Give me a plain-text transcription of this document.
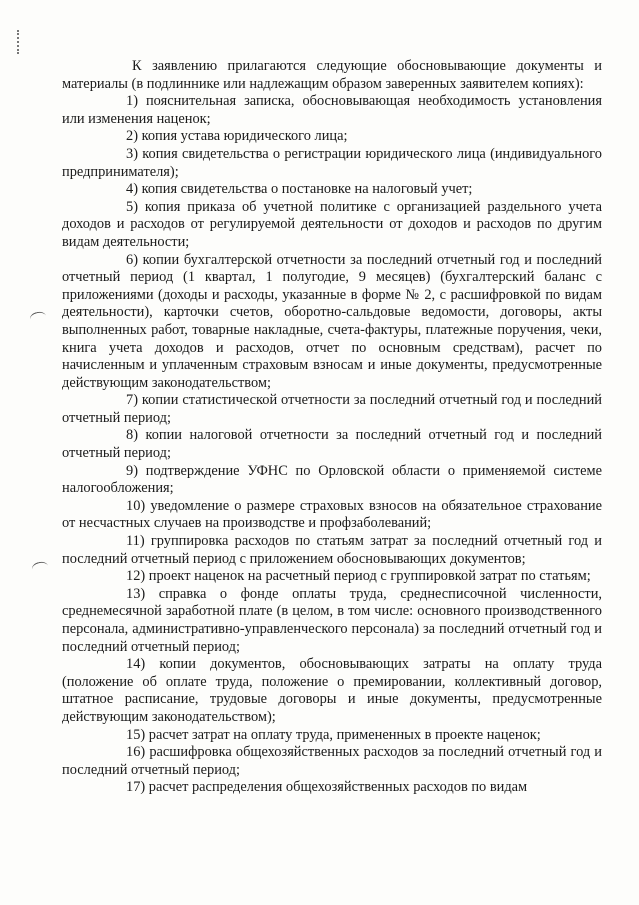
К заявлению прилагаются следующие обосновывающие документы и материалы (в подлиннике или надлежащим образом заверенных заявителем копиях):

1) пояснительная записка, обосновывающая необходимость установления или изменения наценок;

2) копия устава юридического лица;

3) копия свидетельства о регистрации юридического лица (индивидуального предпринимателя);

4) копия свидетельства о постановке на налоговый учет;

5) копия приказа об учетной политике с организацией раздельного учета доходов и расходов от регулируемой деятельности от доходов и расходов по другим видам деятельности;

6) копии бухгалтерской отчетности за последний отчетный год и последний отчетный период (1 квартал, 1 полугодие, 9 месяцев) (бухгалтерский баланс с приложениями (доходы и расходы, указанные в форме № 2, с расшифровкой по видам деятельности), карточки счетов, оборотно-сальдовые ведомости, договоры, акты выполненных работ, товарные накладные, счета-фактуры, платежные поручения, чеки, книга учета доходов и расходов, отчет по основным средствам), расчет по начисленным и уплаченным страховым взносам и иные документы, предусмотренные действующим законодательством;

7) копии статистической отчетности за последний отчетный год и последний отчетный период;

8) копии налоговой отчетности за последний отчетный год и последний отчетный период;

9) подтверждение УФНС по Орловской области о применяемой системе налогообложения;

10) уведомление о размере страховых взносов на обязательное страхование от несчастных случаев на производстве и профзаболеваний;

11) группировка расходов по статьям затрат за последний отчетный год и последний отчетный период с приложением обосновывающих документов;

12) проект наценок на расчетный период с группировкой затрат по статьям;

13) справка о фонде оплаты труда, среднесписочной численности, среднемесячной заработной плате (в целом, в том числе: основного производственного персонала, административно-управленческого персонала) за последний отчетный год и последний отчетный период;

14) копии документов, обосновывающих затраты на оплату труда (положение об оплате труда, положение о премировании, коллективный договор, штатное расписание, трудовые договоры и иные документы, предусмотренные действующим законодательством);

15) расчет затрат на оплату труда, примененных в проекте наценок;

16) расшифровка общехозяйственных расходов за последний отчетный год и последний отчетный период;

17) расчет распределения общехозяйственных расходов по видам
